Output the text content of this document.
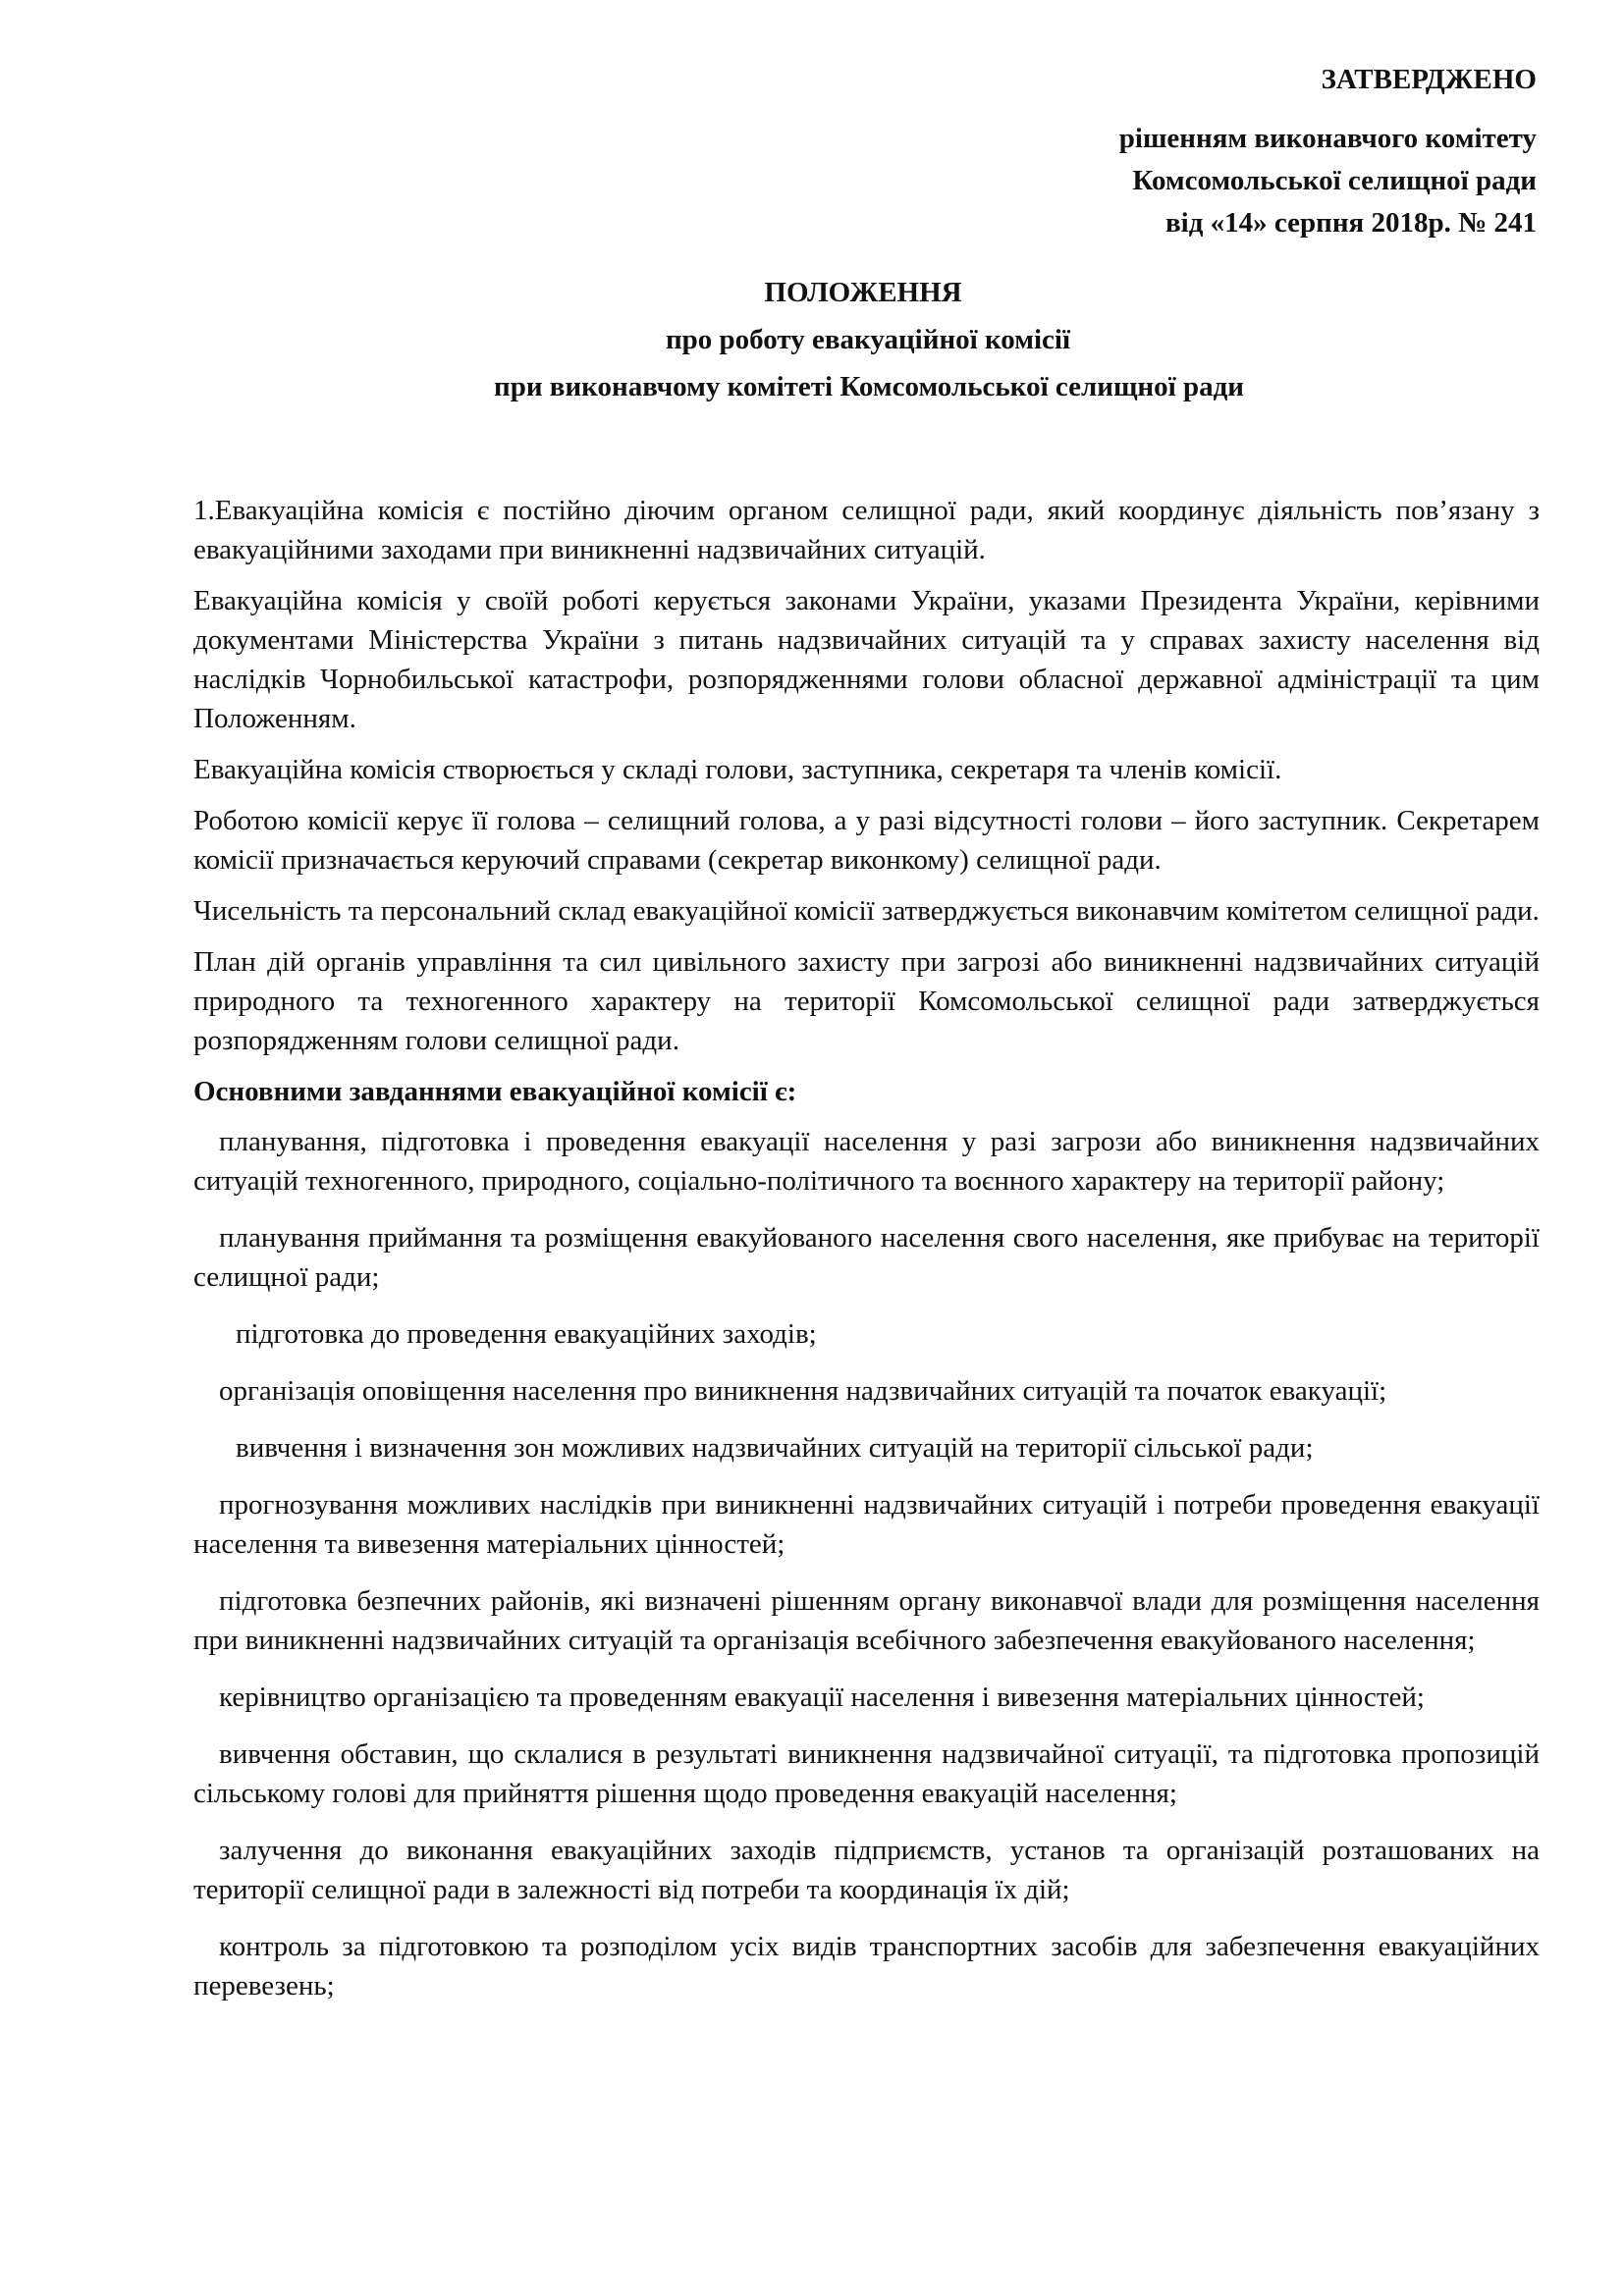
ЗАТВЕРДЖЕНО
рішенням виконавчого комітету
Комсомольської селищної ради
від «14» серпня 2018р. № 241
ПОЛОЖЕННЯ
про роботу евакуаційної комісії
при виконавчому комітеті Комсомольської селищної ради

1.Евакуаційна комісія є постійно діючим органом селищної ради, який координує діяльність пов’язану з евакуаційними заходами при виникненні надзвичайних ситуацій.

Евакуаційна комісія у своїй роботі керується законами України, указами Президента України, керівними документами Міністерства України з питань надзвичайних ситуацій та у справах захисту населення від наслідків Чорнобильської катастрофи, розпорядженнями голови обласної державної адміністрації та цим Положенням.

Евакуаційна комісія створюється у складі голови, заступника, секретаря та членів комісії.

Роботою комісії керує її голова – селищний голова, а у разі відсутності голови – його заступник. Секретарем комісії призначається керуючий справами (секретар виконкому) селищної ради.

Чисельність та персональний склад евакуаційної комісії затверджується виконавчим комітетом селищної ради.

План дій органів управління та сил цивільного захисту при загрозі або виникненні надзвичайних ситуацій природного та техногенного характеру на території Комсомольської селищної ради затверджується розпорядженням голови селищної ради.

Основними завданнями евакуаційної комісії є:

планування, підготовка і проведення евакуації населення у разі загрози або виникнення надзвичайних ситуацій техногенного, природного, соціально-політичного та воєнного характеру на території району;

планування приймання та розміщення евакуйованого населення свого населення, яке прибуває на території селищної ради;

підготовка до проведення евакуаційних заходів;

організація оповіщення населення про виникнення надзвичайних ситуацій та початок евакуації;

вивчення і визначення зон можливих надзвичайних ситуацій на території сільської ради;

прогнозування можливих наслідків при виникненні надзвичайних ситуацій і потреби проведення евакуації населення та вивезення матеріальних цінностей;

підготовка безпечних районів, які визначені рішенням органу виконавчої влади для розміщення населення при виникненні надзвичайних ситуацій та організація всебічного забезпечення евакуйованого населення;

керівництво організацією та проведенням евакуації населення і вивезення матеріальних цінностей;

вивчення обставин, що склалися в результаті виникнення надзвичайної ситуації, та підготовка пропозицій сільському голові для прийняття рішення щодо проведення евакуацій населення;

залучення до виконання евакуаційних заходів підприємств, установ та організацій розташованих на території селищної ради в залежності від потреби та координація їх дій;

контроль за підготовкою та розподілом усіх видів транспортних засобів для забезпечення евакуаційних перевезень;
